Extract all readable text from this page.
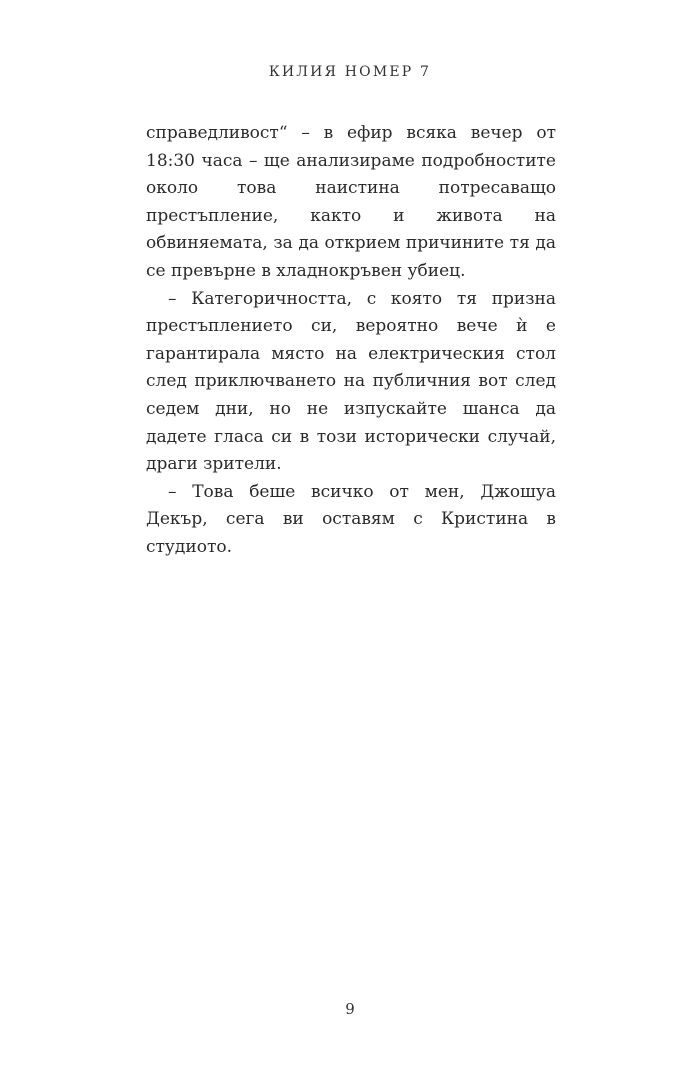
КИЛИЯ НОМЕР 7

справедливост“ – в ефир всяка вечер от 18:30 часа – ще анализираме подробностите около това наистина потресаващо престъпление, както и живота на обвиняемата, за да открием причините тя да се превърне в хладнокръвен убиец.

– Категоричността, с която тя призна престъплението си, вероятно вече ѝ е гарантирала място на електрическия стол след приключването на публичния вот след седем дни, но не изпускайте шанса да дадете гласа си в този исторически случай, драги зрители.

– Това беше всичко от мен, Джошуа Декър, сега ви оставям с Кристина в студиото.

9
